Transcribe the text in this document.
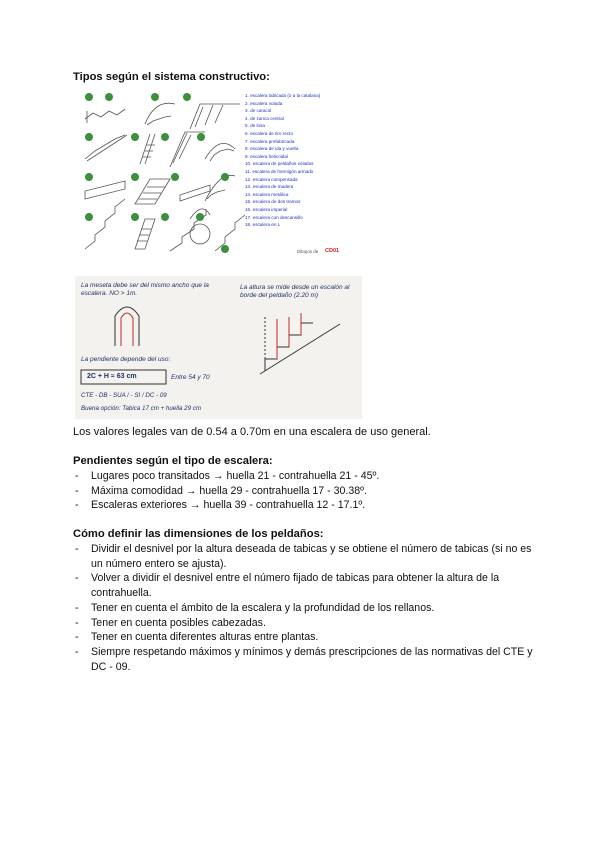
Tipos según el sistema constructivo:
1. escalera tabicada (o a la catalana)
2. escalera volada
3. de caracol
4. de zanca central
5. de losa
6. escalera de tiro recto
7. escalera prefabricada
8. escalera de ida y vuelta
9. escalera helicoidal
10. escalera de peldaños volados
11. escalera de hormigón armado
12. escalera compensada
13. escalera de madera
14. escalera metálica
15. escalera de dos tramos
16. escalera imperial
17. escalera con descansillo
18. escalera en L
Dibujos de CD01
La meseta debe ser del mismo ancho que la escalera. NO > 1m.
La altura se mide desde un escalón al borde del peldaño (2.20 m)
La pendiente depende del uso:
2C + H ≈ 63 cm	Entre 54 y 70
CTE - DB - SUA / - SI / DC - 09
Buena opción: Tabica 17 cm + huella 29 cm

Los valores legales van de 0.54 a 0.70m en una escalera de uso general.

Pendientes según el tipo de escalera:
- Lugares poco transitados → huella 21 - contrahuella 21 - 45º.
- Máxima comodidad → huella 29 - contrahuella 17 - 30.38º.
- Escaleras exteriores → huella 39 - contrahuella 12 - 17.1º.
Cómo definir las dimensiones de los peldaños:
- Dividir el desnivel por la altura deseada de tabicas y se obtiene el número de tabicas (si no es un número entero se ajusta).
- Volver a dividir el desnivel entre el número fijado de tabicas para obtener la altura de la contrahuella.
- Tener en cuenta el ámbito de la escalera y la profundidad de los rellanos.
- Tener en cuenta posibles cabezadas.
- Tener en cuenta diferentes alturas entre plantas.
- Siempre respetando máximos y mínimos y demás prescripciones de las normativas del CTE y DC - 09.
